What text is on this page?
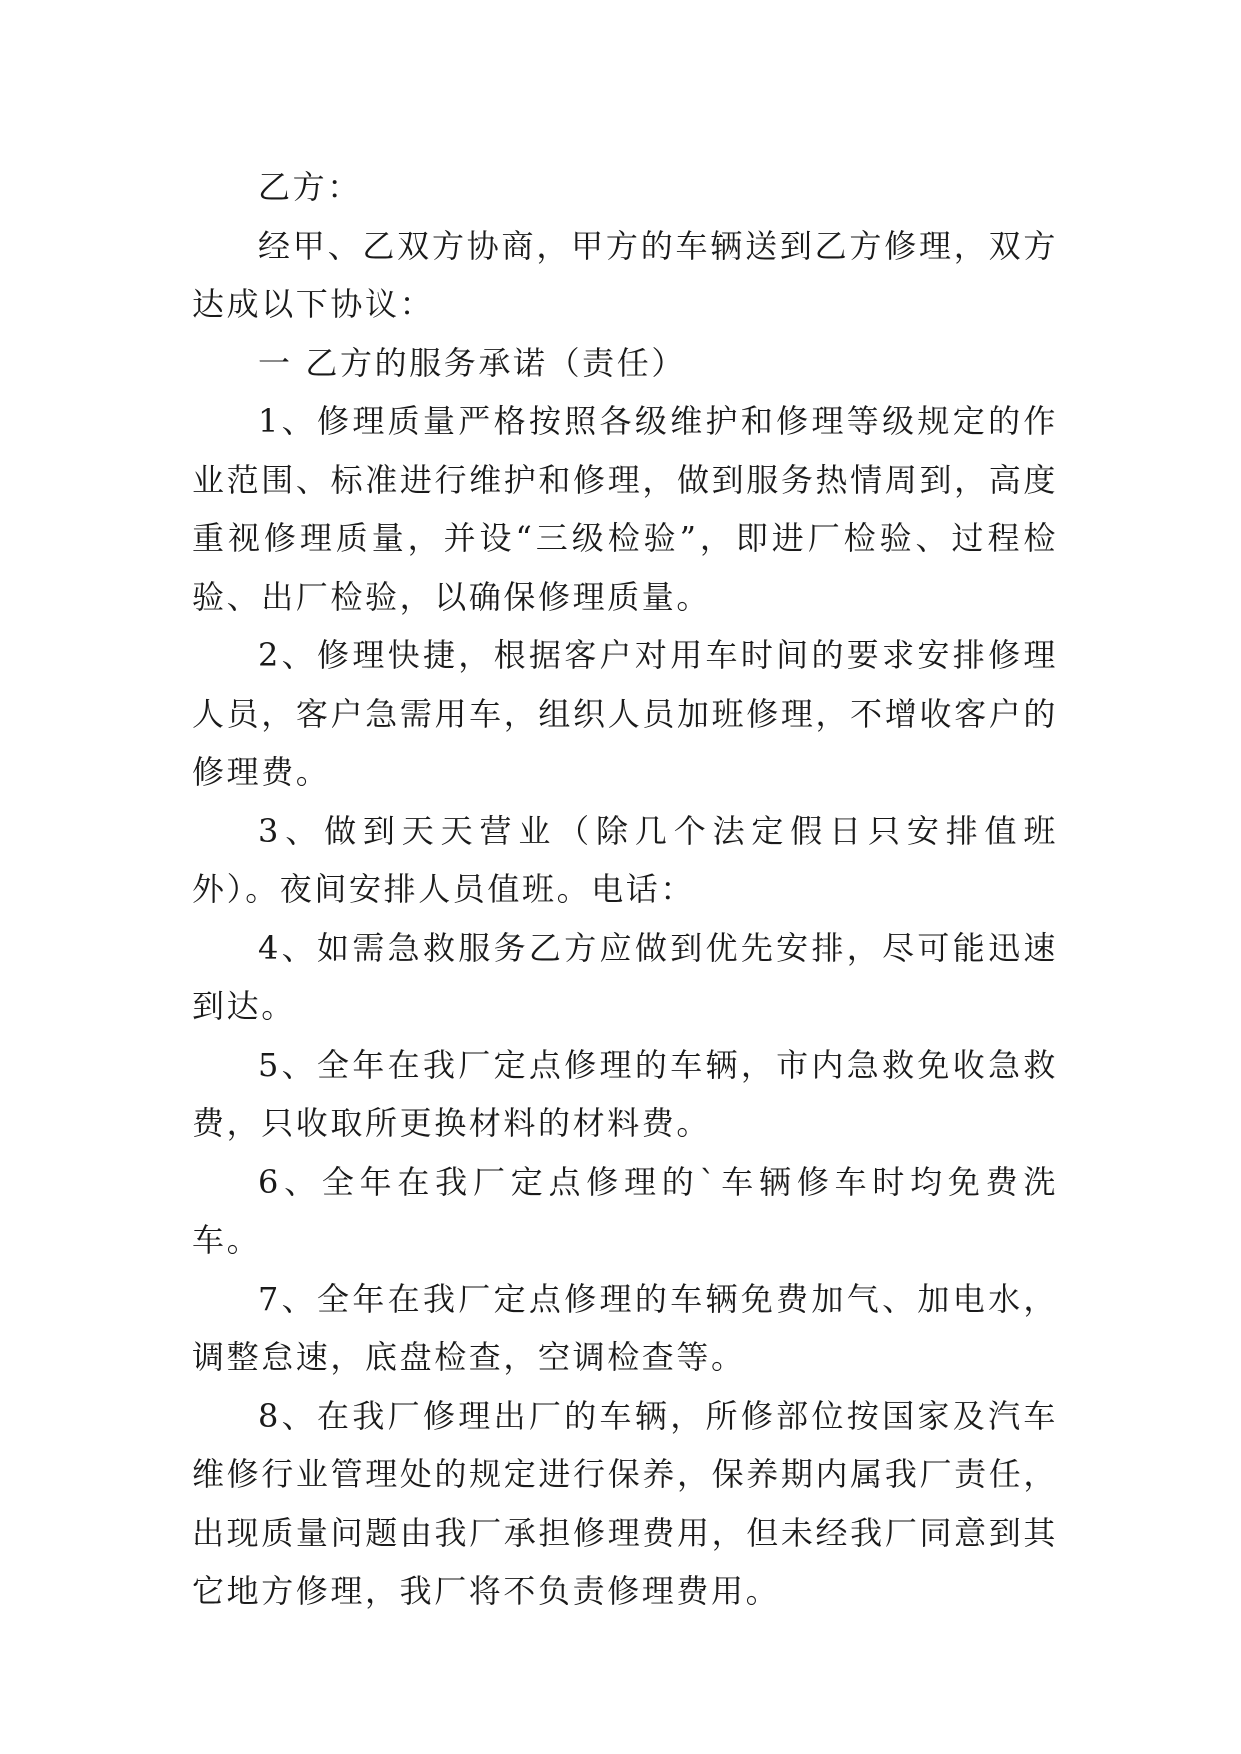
乙方：

经甲、乙双方协商，甲方的车辆送到乙方修理，双方达成以下协议：

一 乙方的服务承诺（责任）

1、修理质量严格按照各级维护和修理等级规定的作业范围、标准进行维护和修理，做到服务热情周到，高度重视修理质量，并设“三级检验”，即进厂检验、过程检验、出厂检验，以确保修理质量。

2、修理快捷，根据客户对用车时间的要求安排修理人员，客户急需用车，组织人员加班修理，不增收客户的修理费。

3、做到天天营业（除几个法定假日只安排值班外）。夜间安排人员值班。电话：

4、如需急救服务乙方应做到优先安排，尽可能迅速到达。

5、全年在我厂定点修理的车辆，市内急救免收急救费，只收取所更换材料的材料费。

6、全年在我厂定点修理的`车辆修车时均免费洗车。

7、全年在我厂定点修理的车辆免费加气、加电水，调整怠速，底盘检查，空调检查等。

8、在我厂修理出厂的车辆，所修部位按国家及汽车维修行业管理处的规定进行保养，保养期内属我厂责任，出现质量问题由我厂承担修理费用，但未经我厂同意到其它地方修理，我厂将不负责修理费用。
